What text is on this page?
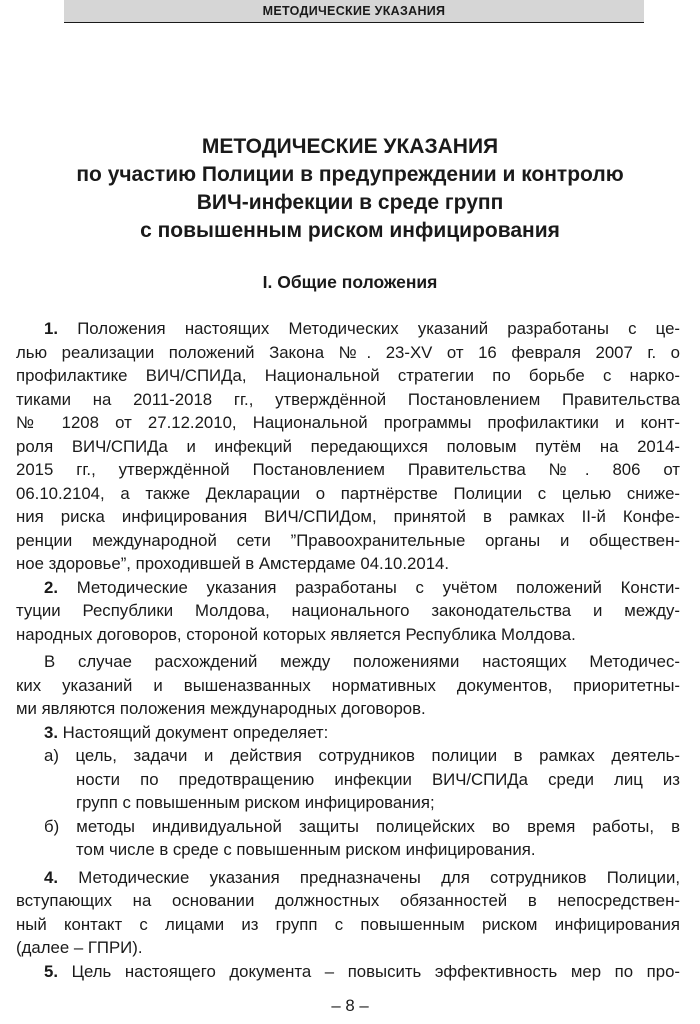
МЕТОДИЧЕСКИЕ УКАЗАНИЯ
МЕТОДИЧЕСКИЕ УКАЗАНИЯ
по участию Полиции в предупреждении и контролю
ВИЧ-инфекции в среде групп
с повышенным риском инфицирования
I. Общие положения
1. Положения настоящих Методических указаний разработаны с це-
лью реализации положений Закона №. 23-XV от 16 февраля 2007 г. о
профилактике ВИЧ/СПИДа, Национальной стратегии по борьбе с нарко-
тиками на 2011-2018 гг., утверждённой Постановлением Правительства
№ 1208 от 27.12.2010, Национальной программы профилактики и конт-
роля ВИЧ/СПИДа и инфекций передающихся половым путём на 2014-
2015 гг., утверждённой Постановлением Правительства №. 806 от
06.10.2104, а также Декларации о партнёрстве Полиции с целью сниже-
ния риска инфицирования ВИЧ/СПИДом, принятой в рамках II-й Конфе-
ренции международной сети ”Правоохранительные органы и обществен-
ное здоровье”, проходившей в Амстердаме 04.10.2014.
2. Методические указания разработаны с учётом положений Консти-
туции Республики Молдова, национального законодательства и между-
народных договоров, стороной которых является Республика Молдова.
В случае расхождений между положениями настоящих Методичес-
ких указаний и вышеназванных нормативных документов, приоритетны-
ми являются положения международных договоров.
3. Настоящий документ определяет:
а) цель, задачи и действия сотрудников полиции в рамках деятель-
ности по предотвращению инфекции ВИЧ/СПИДа среди лиц из
групп с повышенным риском инфицирования;
б) методы индивидуальной защиты полицейских во время работы, в
том числе в среде с повышенным риском инфицирования.
4. Методические указания предназначены для сотрудников Полиции,
вступающих на основании должностных обязанностей в непосредствен-
ный контакт с лицами из групп с повышенным риском инфицирования
(далее – ГПРИ).
5. Цель настоящего документа – повысить эффективность мер по про-
– 8 –
